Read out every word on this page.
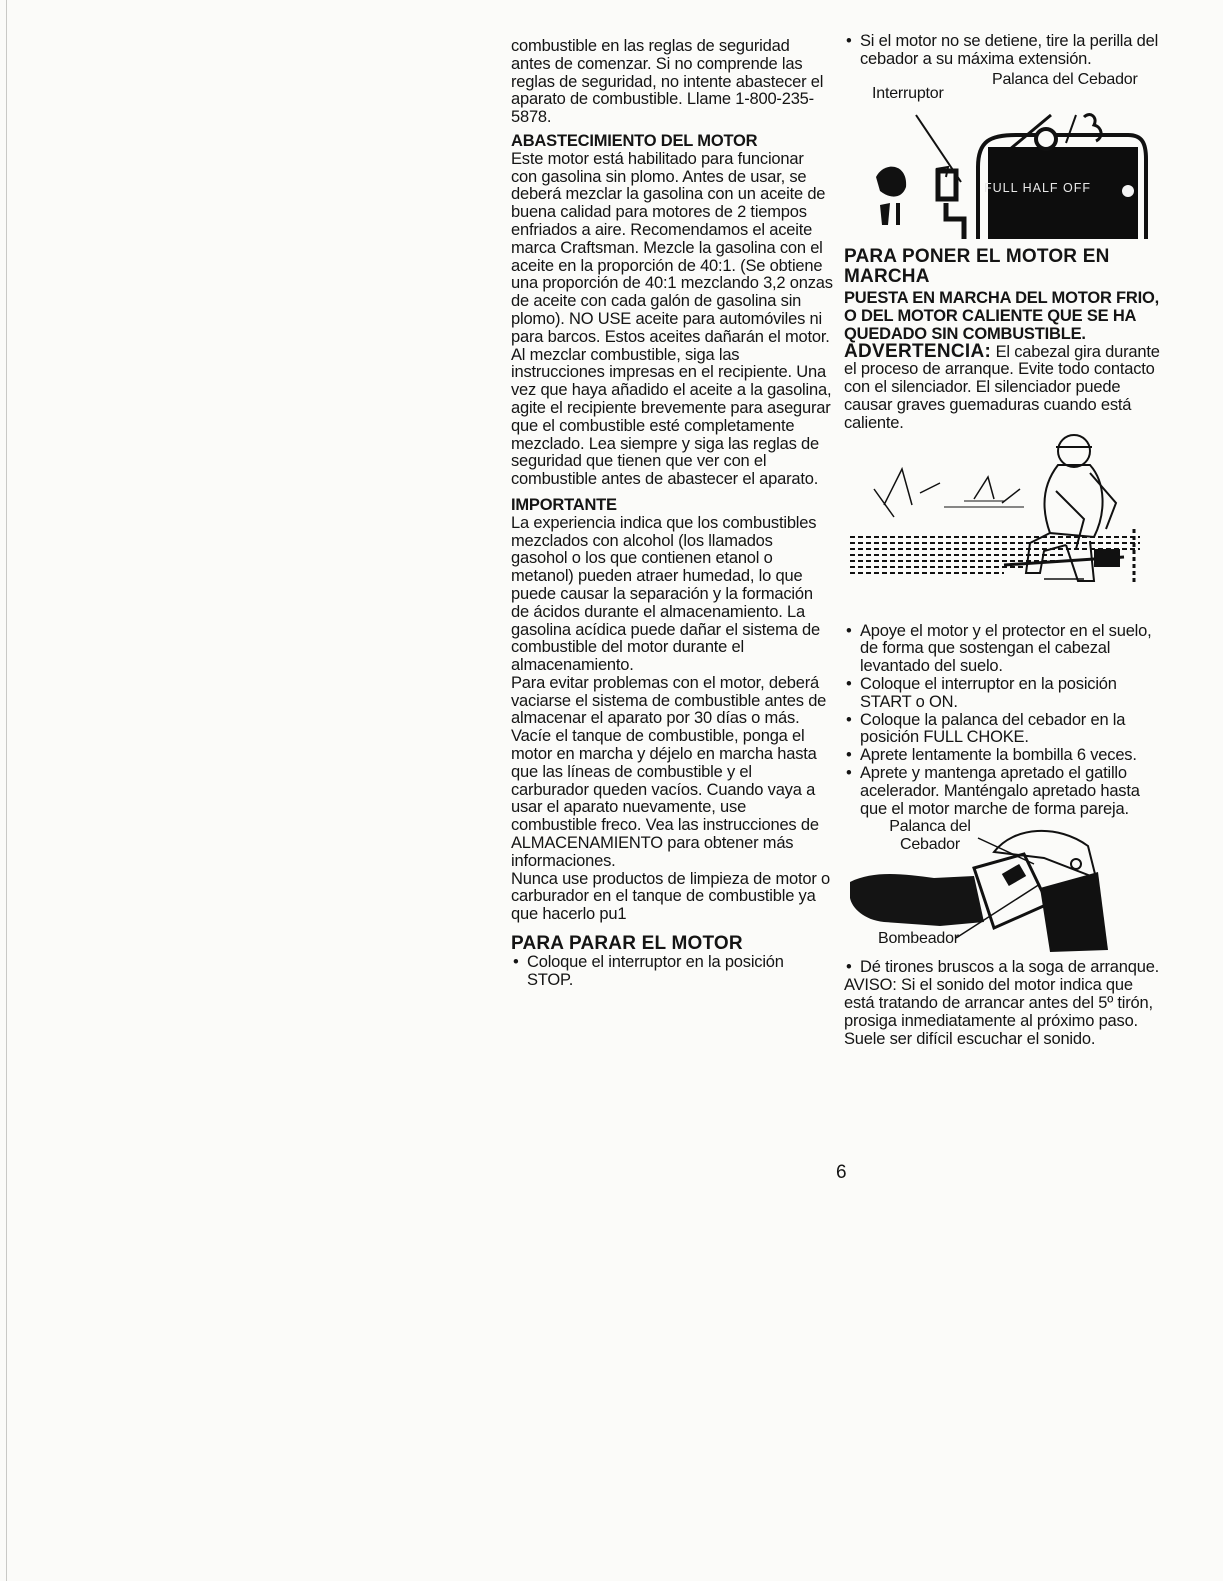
combustible en las reglas de seguridad antes de comenzar. Si no comprende las reglas de seguridad, no intente abastecer el aparato de combustible. Llame 1-800-235-5878.

ABASTECIMIENTO DEL MOTOR

Este motor está habilitado para funcionar con gasolina sin plomo. Antes de usar, se deberá mezclar la gasolina con un aceite de buena calidad para motores de 2 tiempos enfriados a aire. Recomendamos el aceite marca Craftsman. Mezcle la gasolina con el aceite en la proporción de 40:1. (Se obtiene una proporción de 40:1 mezclando 3,2 onzas de aceite con cada galón de gasolina sin plomo). NO USE aceite para automóviles ni para barcos. Estos aceites dañarán el motor. Al mezclar combustible, siga las instrucciones impresas en el recipiente. Una vez que haya añadido el aceite a la gasolina, agite el recipiente brevemente para asegurar que el combustible esté completamente mezclado. Lea siempre y siga las reglas de seguridad que tienen que ver con el combustible antes de abastecer el aparato.

IMPORTANTE

La experiencia indica que los combustibles mezclados con alcohol (los llamados gasohol o los que contienen etanol o metanol) pueden atraer humedad, lo que puede causar la separación y la formación de ácidos durante el almacenamiento. La gasolina acídica puede dañar el sistema de combustible del motor durante el almacenamiento.

Para evitar problemas con el motor, deberá vaciarse el sistema de combustible antes de almacenar el aparato por 30 días o más.

Vacíe el tanque de combustible, ponga el motor en marcha y déjelo en marcha hasta que las líneas de combustible y el carburador queden vacíos. Cuando vaya a usar el aparato nuevamente, use combustible freco. Vea las instrucciones de ALMACENAMIENTO para obtener más informaciones.

Nunca use productos de limpieza de motor o carburador en el tanque de combustible ya que hacerlo pu1

PARA PARAR EL MOTOR

• Coloque el interruptor en la posición STOP.
• Si el motor no se detiene, tire la perilla del cebador a su máxima extensión.
Palanca del Cebador
Interruptor
FULL HALF OFF

PARA PONER EL MOTOR EN MARCHA

PUESTA EN MARCHA DEL MOTOR FRIO, O DEL MOTOR CALIENTE QUE SE HA QUEDADO SIN COMBUSTIBLE.

ADVERTENCIA: El cabezal gira durante el proceso de arranque. Evite todo contacto con el silenciador. El silenciador puede causar graves guemaduras cuando está caliente.

• Apoye el motor y el protector en el suelo, de forma que sostengan el cabezal levantado del suelo.
• Coloque el interruptor en la posición START o ON.
• Coloque la palanca del cebador en la posición FULL CHOKE.
• Aprete lentamente la bombilla 6 veces.
• Aprete y mantenga apretado el gatillo acelerador. Manténgalo apretado hasta que el motor marche de forma pareja.
Palanca del Cebador
Bombeador
• Dé tirones bruscos a la soga de arranque.

AVISO: Si el sonido del motor indica que está tratando de arrancar antes del 5º tirón, prosiga inmediatamente al próximo paso. Suele ser difícil escuchar el sonido.

6
